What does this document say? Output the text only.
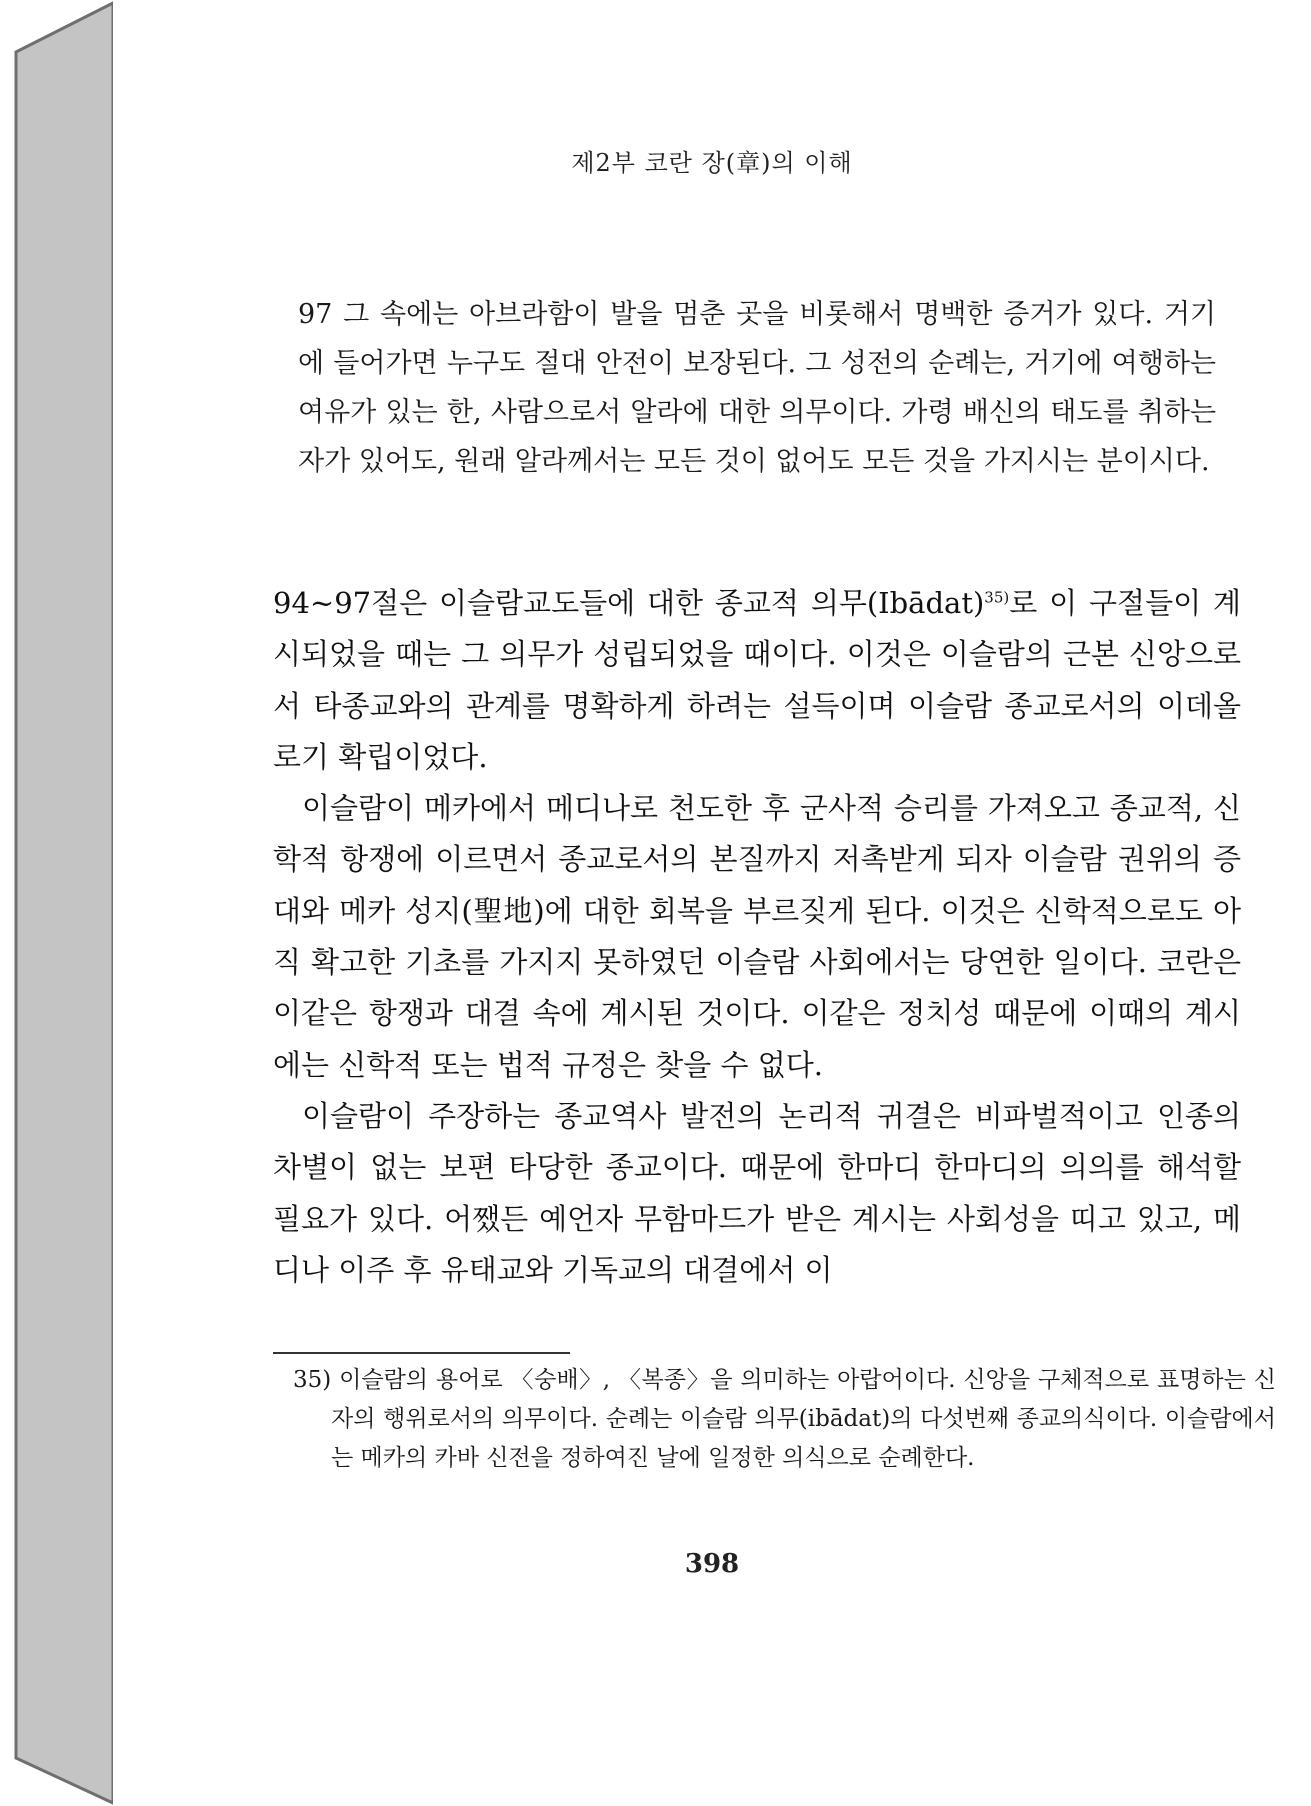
제2부 코란 장(章)의 이해
97 그 속에는 아브라함이 발을 멈춘 곳을 비롯해서 명백한 증거가 있다. 거기에 들어가면 누구도 절대 안전이 보장된다. 그 성전의 순례는, 거기에 여행하는 여유가 있는 한, 사람으로서 알라에 대한 의무이다. 가령 배신의 태도를 취하는 자가 있어도, 원래 알라께서는 모든 것이 없어도 모든 것을 가지시는 분이시다.

94~97절은 이슬람교도들에 대한 종교적 의무(Ibādat)$^{35)}$로 이 구절들이 계시되었을 때는 그 의무가 성립되었을 때이다. 이것은 이슬람의 근본 신앙으로서 타종교와의 관계를 명확하게 하려는 설득이며 이슬람 종교로서의 이데올로기 확립이었다.

이슬람이 메카에서 메디나로 천도한 후 군사적 승리를 가져오고 종교적, 신학적 항쟁에 이르면서 종교로서의 본질까지 저촉받게 되자 이슬람 권위의 증대와 메카 성지(聖地)에 대한 회복을 부르짖게 된다. 이것은 신학적으로도 아직 확고한 기초를 가지지 못하였던 이슬람 사회에서는 당연한 일이다. 코란은 이같은 항쟁과 대결 속에 계시된 것이다. 이같은 정치성 때문에 이때의 계시에는 신학적 또는 법적 규정은 찾을 수 없다.

이슬람이 주장하는 종교역사 발전의 논리적 귀결은 비파벌적이고 인종의 차별이 없는 보편 타당한 종교이다. 때문에 한마디 한마디의 의의를 해석할 필요가 있다. 어쨌든 예언자 무함마드가 받은 계시는 사회성을 띠고 있고, 메디나 이주 후 유태교와 기독교의 대결에서 이

35) 이슬람의 용어로 〈숭배〉, 〈복종〉을 의미하는 아랍어이다. 신앙을 구체적으로 표명하는 신자의 행위로서의 의무이다. 순례는 이슬람 의무(ibādat)의 다섯번째 종교의식이다. 이슬람에서는 메카의 카바 신전을 정하여진 날에 일정한 의식으로 순례한다.
398
